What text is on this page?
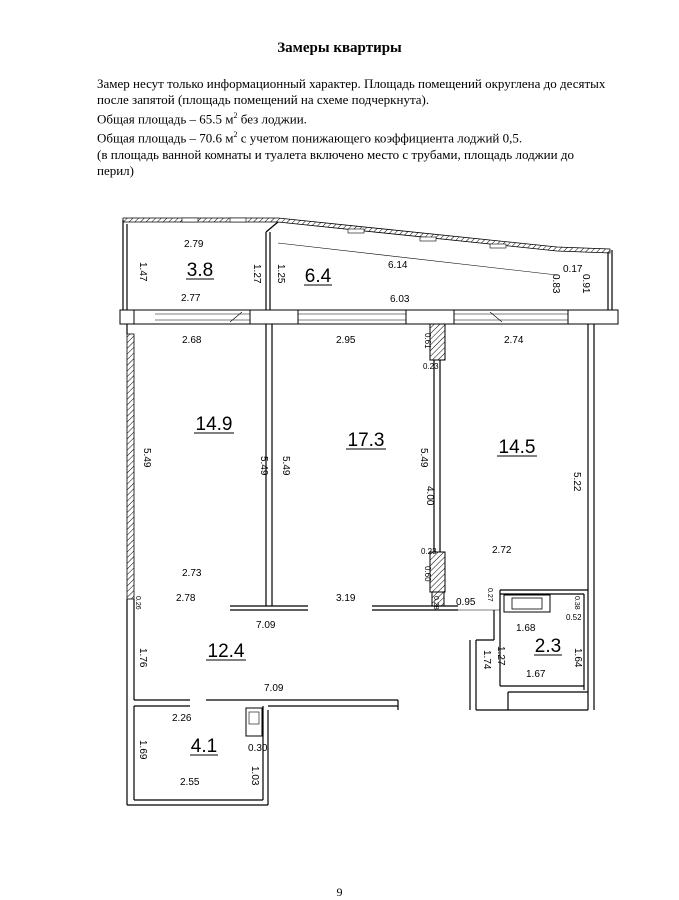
Замеры квартиры
Замер несут только информационный характер. Площадь помещений округлена до десятых
после запятой (площадь помещений на схеме подчеркнута).
Общая площадь – 65.5 $м^2$ без лоджии.
Общая площадь – 70.6 $м^2$ с учетом понижающего коэффициента лоджий 0,5.
(в площадь ванной комнаты и туалета включено место с трубами, площадь лоджии до
перил)
3.8	6.4
14.9
17.3	14.5
12.4	2.3
4.1
2.79
1.47	1.27
2.77
1.25	6.14	0.17
0.83 0.91
6.03
2.68	2.95	0.61
0.23
2.74
5.49	5.49 5.49	5.49
4.00
5.22
0.23
0.60
2.72
2.73
0.26	2.78	3.19	0.28 0.95
0.27
0.38
0.52
1.68
7.09
1.76	1.27
1.74	1.64
1.67
7.09
2.26
0.30
1.69
2.55	1.03
9
